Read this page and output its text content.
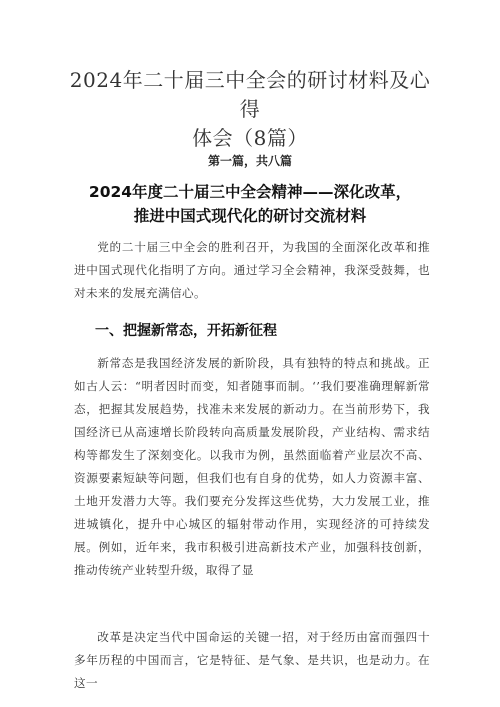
2024年二十届三中全会的研讨材料及心得
体会（8篇）
第一篇，共八篇
2024年度二十届三中全会精神——深化改革，
推进中国式现代化的研讨交流材料

党的二十届三中全会的胜利召开，为我国的全面深化改革和推进中国式现代化指明了方向。通过学习全会精神，我深受鼓舞，也对未来的发展充满信心。

一、把握新常态，开拓新征程

新常态是我国经济发展的新阶段，具有独特的特点和挑战。正如古人云：“明者因时而变，知者随事而制。‘’我们要准确理解新常态，把握其发展趋势，找准未来发展的新动力。在当前形势下，我国经济已从高速增长阶段转向高质量发展阶段，产业结构、需求结构等都发生了深刻变化。以我市为例，虽然面临着产业层次不高、资源要素短缺等问题，但我们也有自身的优势，如人力资源丰富、土地开发潜力大等。我们要充分发挥这些优势，大力发展工业，推进城镇化，提升中心城区的辐射带动作用，实现经济的可持续发展。例如，近年来，我市积极引进高新技术产业，加强科技创新，推动传统产业转型升级，取得了显

改革是决定当代中国命运的关键一招，对于经历由富而强四十多年历程的中国而言，它是特征、是气象、是共识，也是动力。在这一
